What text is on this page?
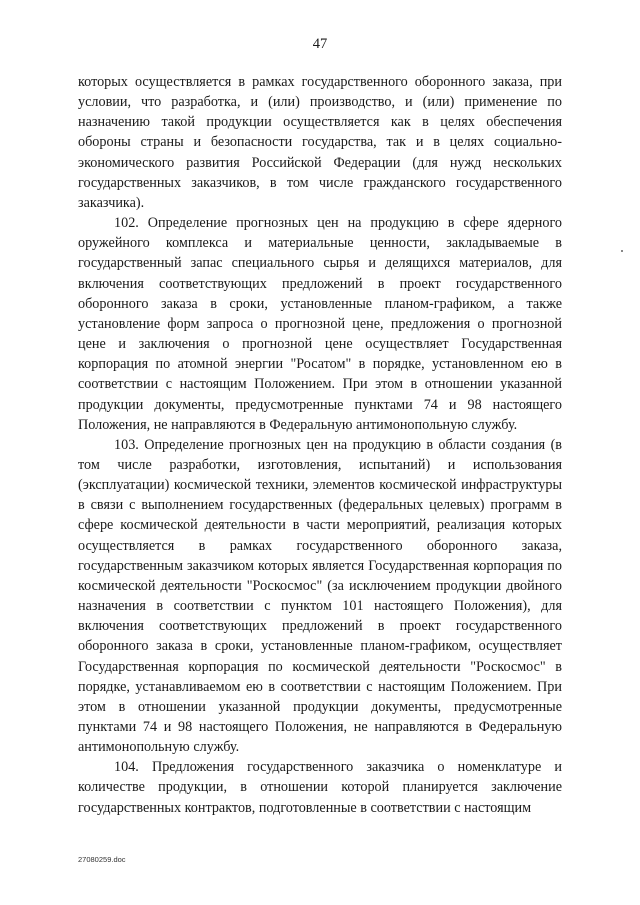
47

которых осуществляется в рамках государственного оборонного заказа, при условии, что разработка, и (или) производство, и (или) применение по назначению такой продукции осуществляется как в целях обеспечения обороны страны и безопасности государства, так и в целях социально-экономического развития Российской Федерации (для нужд нескольких государственных заказчиков, в том числе гражданского государственного заказчика).

102. Определение прогнозных цен на продукцию в сфере ядерного оружейного комплекса и материальные ценности, закладываемые в государственный запас специального сырья и делящихся материалов, для включения соответствующих предложений в проект государственного оборонного заказа в сроки, установленные планом-графиком, а также установление форм запроса о прогнозной цене, предложения о прогнозной цене и заключения о прогнозной цене осуществляет Государственная корпорация по атомной энергии "Росатом" в порядке, установленном ею в соответствии с настоящим Положением. При этом в отношении указанной продукции документы, предусмотренные пунктами 74 и 98 настоящего Положения, не направляются в Федеральную антимонопольную службу.

103. Определение прогнозных цен на продукцию в области создания (в том числе разработки, изготовления, испытаний) и использования (эксплуатации) космической техники, элементов космической инфраструктуры в связи с выполнением государственных (федеральных целевых) программ в сфере космической деятельности в части мероприятий, реализация которых осуществляется в рамках государственного оборонного заказа, государственным заказчиком которых является Государственная корпорация по космической деятельности "Роскосмос" (за исключением продукции двойного назначения в соответствии с пунктом 101 настоящего Положения), для включения соответствующих предложений в проект государственного оборонного заказа в сроки, установленные планом-графиком, осуществляет Государственная корпорация по космической деятельности "Роскосмос" в порядке, устанавливаемом ею в соответствии с настоящим Положением. При этом в отношении указанной продукции документы, предусмотренные пунктами 74 и 98 настоящего Положения, не направляются в Федеральную антимонопольную службу.

104. Предложения государственного заказчика о номенклатуре и количестве продукции, в отношении которой планируется заключение государственных контрактов, подготовленные в соответствии с настоящим

27080259.doc
